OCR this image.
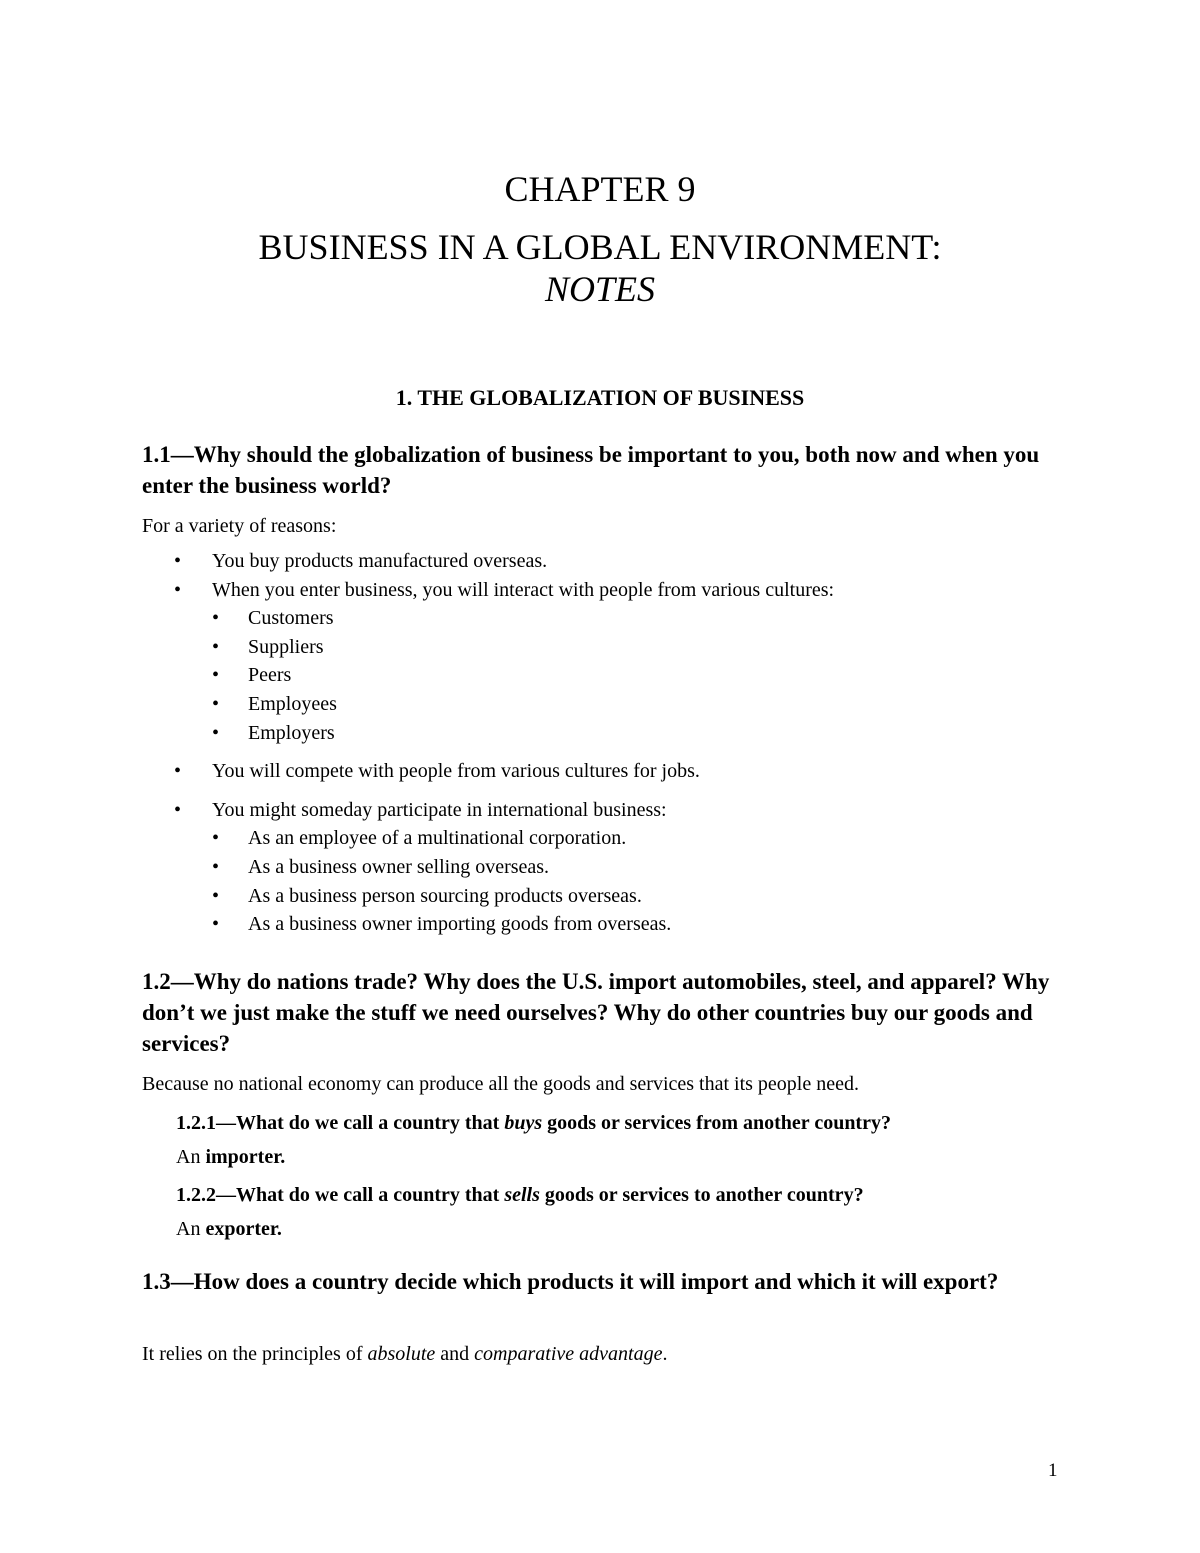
CHAPTER 9
BUSINESS IN A GLOBAL ENVIRONMENT:
NOTES
1. THE GLOBALIZATION OF BUSINESS
1.1—Why should the globalization of business be important to you, both now and when you enter the business world?
For a variety of reasons:
• You buy products manufactured overseas.
• When you enter business, you will interact with people from various cultures:
• Customers
• Suppliers
• Peers
• Employees
• Employers
• You will compete with people from various cultures for jobs.
• You might someday participate in international business:
• As an employee of a multinational corporation.
• As a business owner selling overseas.
• As a business person sourcing products overseas.
• As a business owner importing goods from overseas.
1.2—Why do nations trade? Why does the U.S. import automobiles, steel, and apparel? Why don’t we just make the stuff we need ourselves? Why do other countries buy our goods and services?
Because no national economy can produce all the goods and services that its people need.
1.2.1—What do we call a country that buys goods or services from another country?
An importer.
1.2.2—What do we call a country that sells goods or services to another country?
An exporter.
1.3—How does a country decide which products it will import and which it will export?
It relies on the principles of absolute and comparative advantage.
1
